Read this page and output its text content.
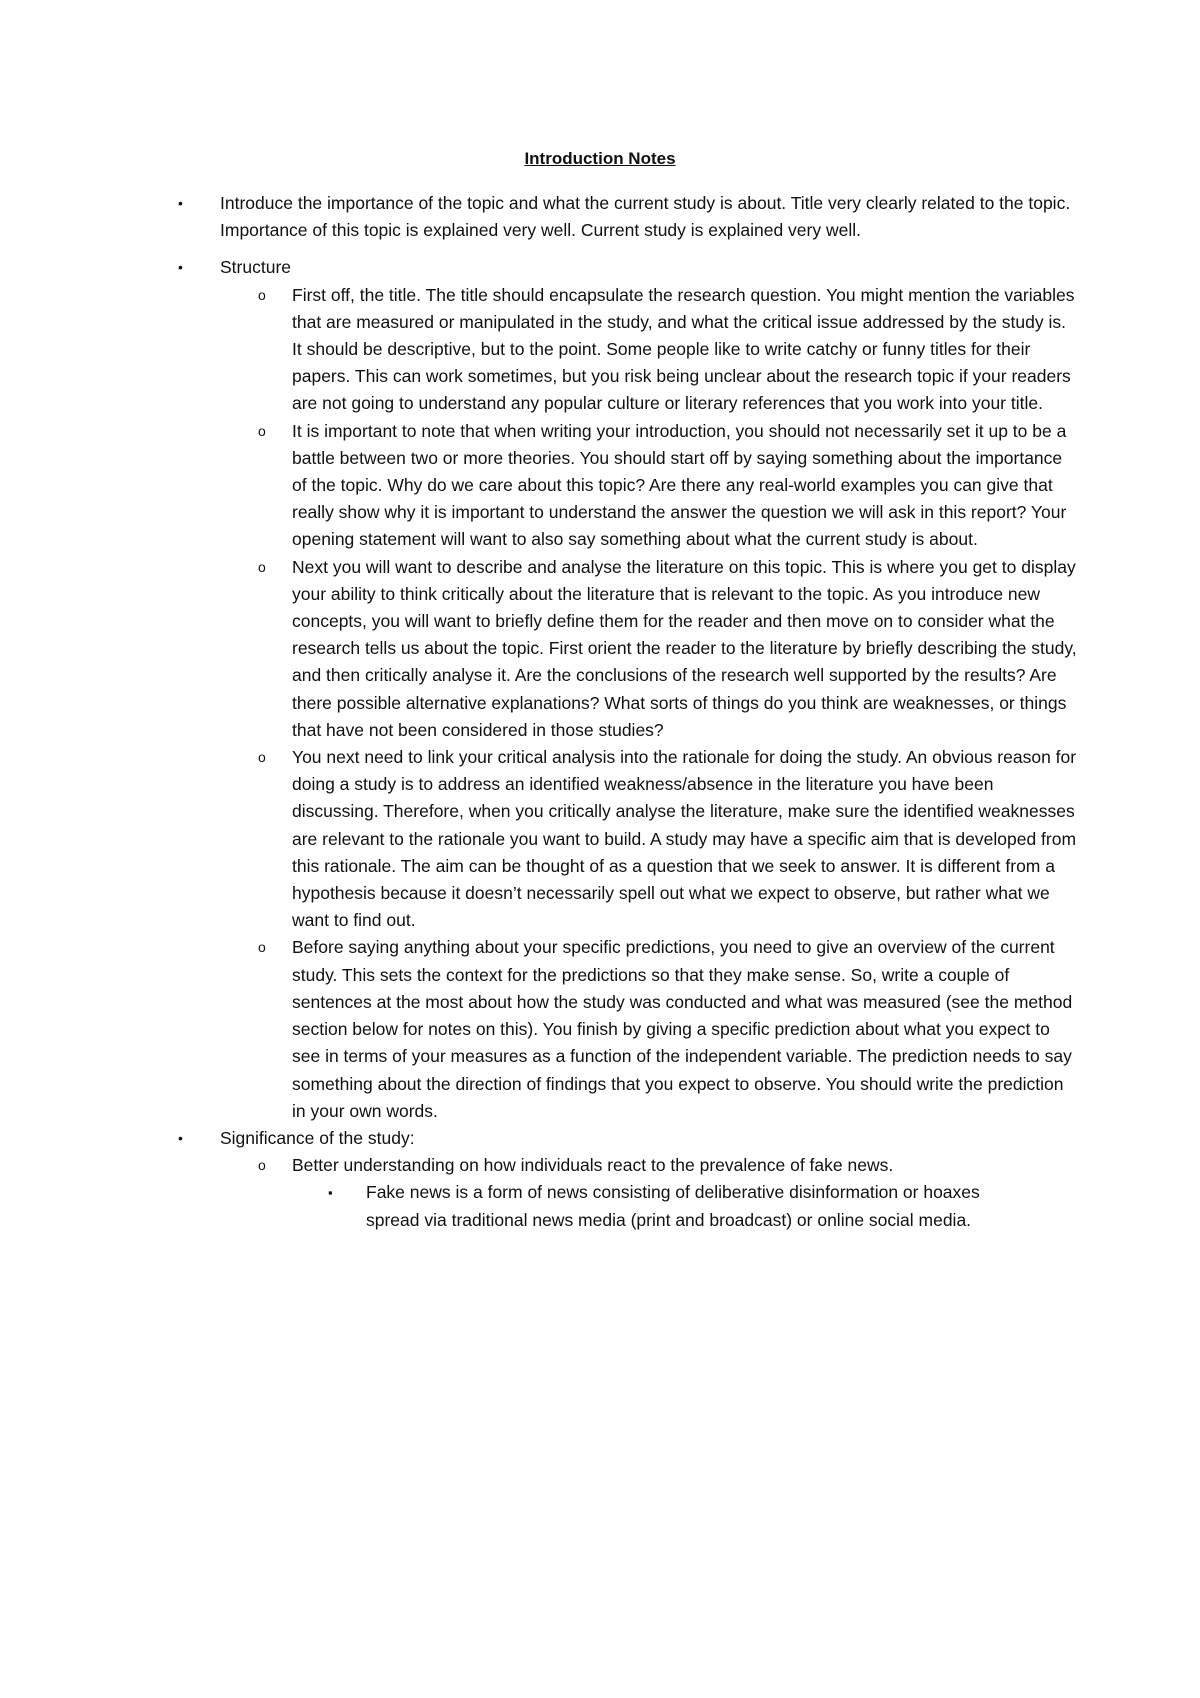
Introduction Notes
• Introduce the importance of the topic and what the current study is about. Title very clearly related to the topic. Importance of this topic is explained very well. Current study is explained very well.
• Structure
o First off, the title. The title should encapsulate the research question. You might mention the variables that are measured or manipulated in the study, and what the critical issue addressed by the study is. It should be descriptive, but to the point. Some people like to write catchy or funny titles for their papers. This can work sometimes, but you risk being unclear about the research topic if your readers are not going to understand any popular culture or literary references that you work into your title.
o It is important to note that when writing your introduction, you should not necessarily set it up to be a battle between two or more theories. You should start off by saying something about the importance of the topic. Why do we care about this topic? Are there any real-world examples you can give that really show why it is important to understand the answer the question we will ask in this report? Your opening statement will want to also say something about what the current study is about.
o Next you will want to describe and analyse the literature on this topic. This is where you get to display your ability to think critically about the literature that is relevant to the topic. As you introduce new concepts, you will want to briefly define them for the reader and then move on to consider what the research tells us about the topic. First orient the reader to the literature by briefly describing the study, and then critically analyse it. Are the conclusions of the research well supported by the results? Are there possible alternative explanations? What sorts of things do you think are weaknesses, or things that have not been considered in those studies?
o You next need to link your critical analysis into the rationale for doing the study. An obvious reason for doing a study is to address an identified weakness/absence in the literature you have been discussing. Therefore, when you critically analyse the literature, make sure the identified weaknesses are relevant to the rationale you want to build. A study may have a specific aim that is developed from this rationale. The aim can be thought of as a question that we seek to answer. It is different from a hypothesis because it doesn’t necessarily spell out what we expect to observe, but rather what we want to find out.
o Before saying anything about your specific predictions, you need to give an overview of the current study. This sets the context for the predictions so that they make sense. So, write a couple of sentences at the most about how the study was conducted and what was measured (see the method section below for notes on this). You finish by giving a specific prediction about what you expect to see in terms of your measures as a function of the independent variable. The prediction needs to say something about the direction of findings that you expect to observe. You should write the prediction in your own words.
• Significance of the study:
o Better understanding on how individuals react to the prevalence of fake news.
▪ Fake news is a form of news consisting of deliberative disinformation or hoaxes spread via traditional news media (print and broadcast) or online social media.
